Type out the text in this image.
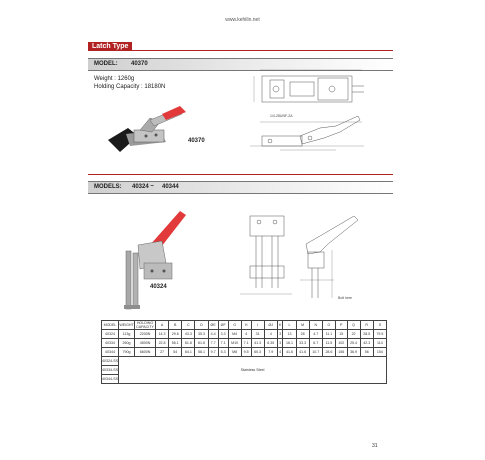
www.kehilin.net
Latch Type
MODEL: 40370
Weight : 1260g
Holding Capacity : 18180N
40370
1/4-28UNF-2A
MODELS: 40324 ~ 40344
40324
Bolt here
MODEL	WEIGHT	HOLDING CAPACITY	A	B	C	D	ØE	ØF	G	H	I	ØJ	K	L	M	N	O	P	Q	R	S
40324	113g	2200N	14.3	29.6	43.3	35.3	4.4	3.3	M4	4	31	4	3	13	28	4.7	11.1	15	22	28.5	79.5
40334	260g	4500N	22.8	56.1	61.6	61.6	7.7	7.1	M10	7.1	41.3	6.35	3	16.1	33.3	6.7	11.5	102	25.4	42.3	114
40344	790g	6600N	27	54	64.1	58.1	9.7	5.3	M8	9.5	60.3	7.9	4	41.6	41.6	10.7	28.6	156	36.9	56	154
40324-SS	Stainless Steel																				
40334-SS																					
40344-SS																					
31
